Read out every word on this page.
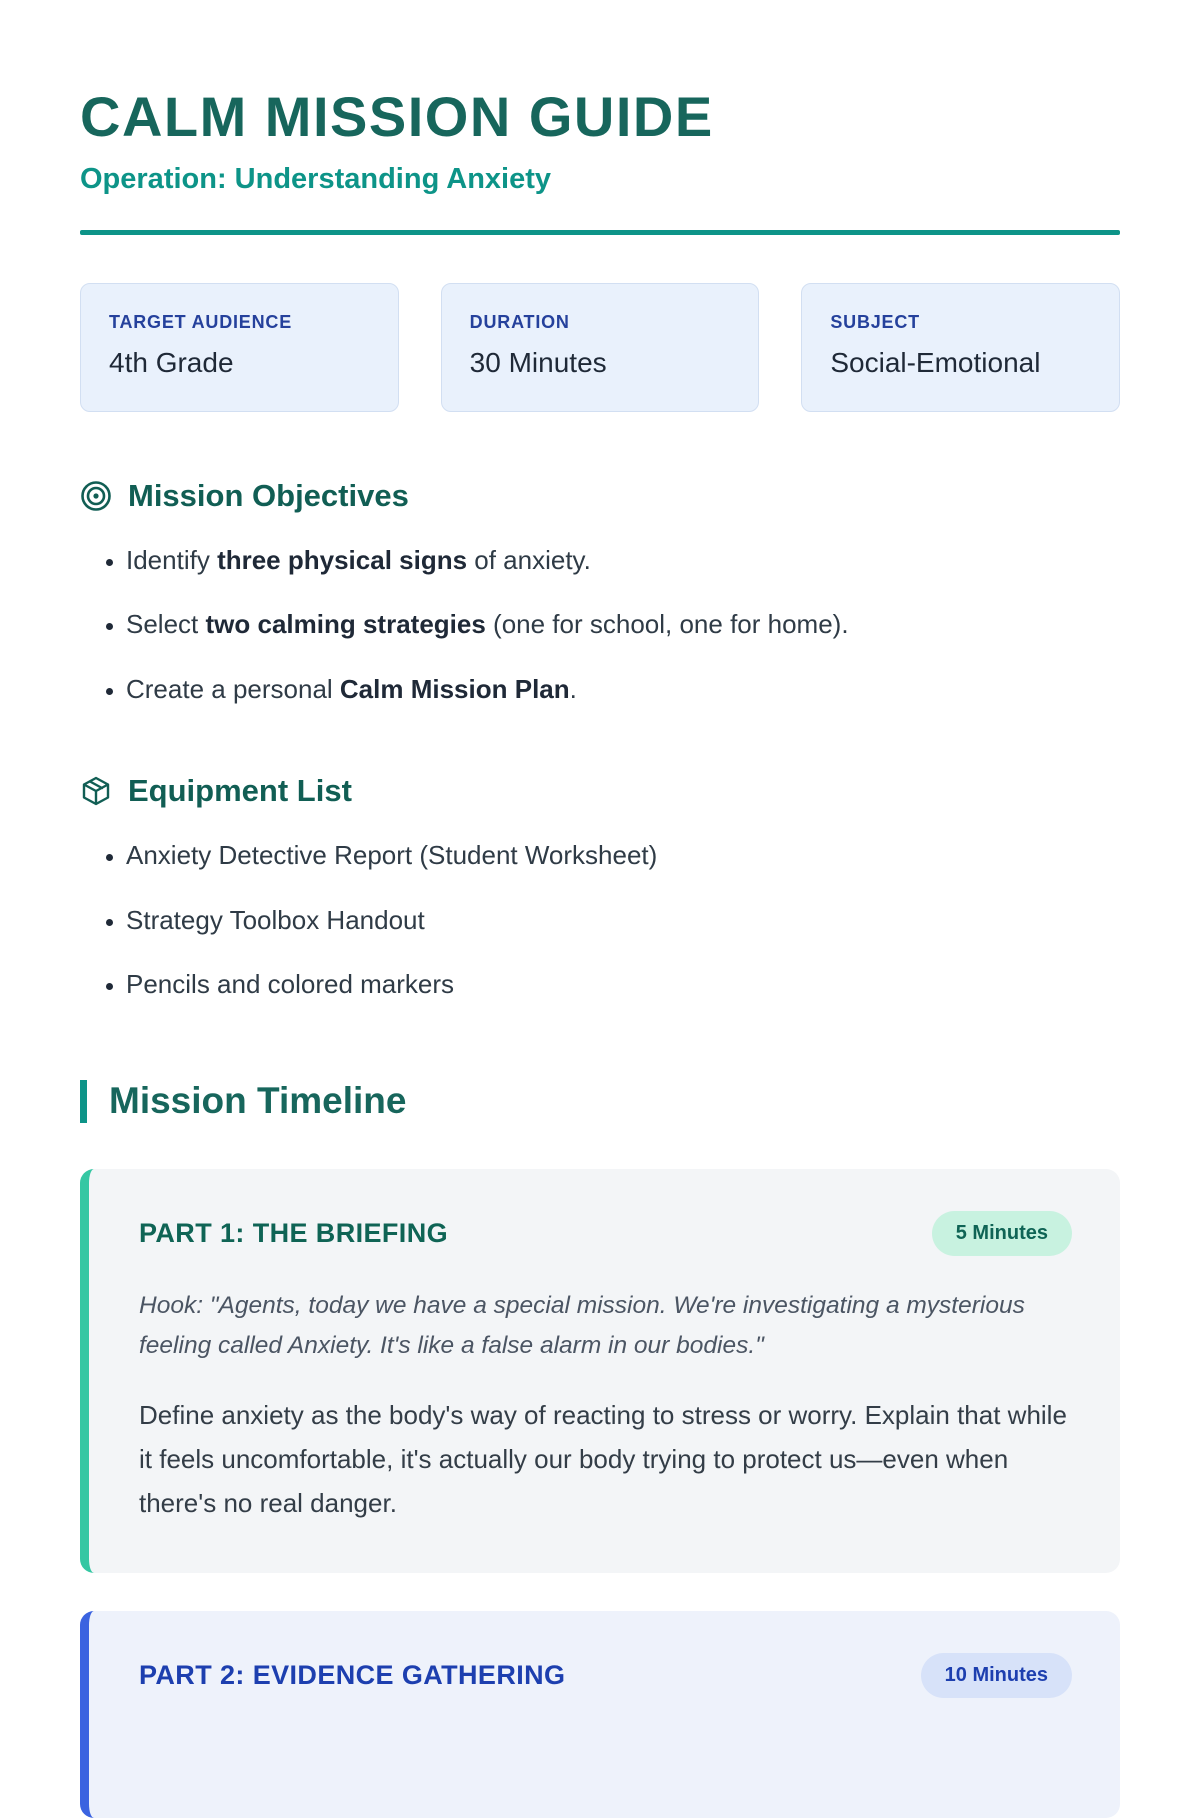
CALM MISSION GUIDE
Operation: Understanding Anxiety
TARGET AUDIENCE
4th Grade
DURATION
30 Minutes
SUBJECT
Social-Emotional
Mission Objectives
• Identify three physical signs of anxiety.
• Select two calming strategies (one for school, one for home).
• Create a personal Calm Mission Plan.
Equipment List
• Anxiety Detective Report (Student Worksheet)
• Strategy Toolbox Handout
• Pencils and colored markers
Mission Timeline
PART 1: THE BRIEFING	5 Minutes
Hook: "Agents, today we have a special mission. We're investigating a mysterious feeling called Anxiety. It's like a false alarm in our bodies."
Define anxiety as the body's way of reacting to stress or worry. Explain that while it feels uncomfortable, it's actually our body trying to protect us—even when there's no real danger.
PART 2: EVIDENCE GATHERING	10 Minutes
